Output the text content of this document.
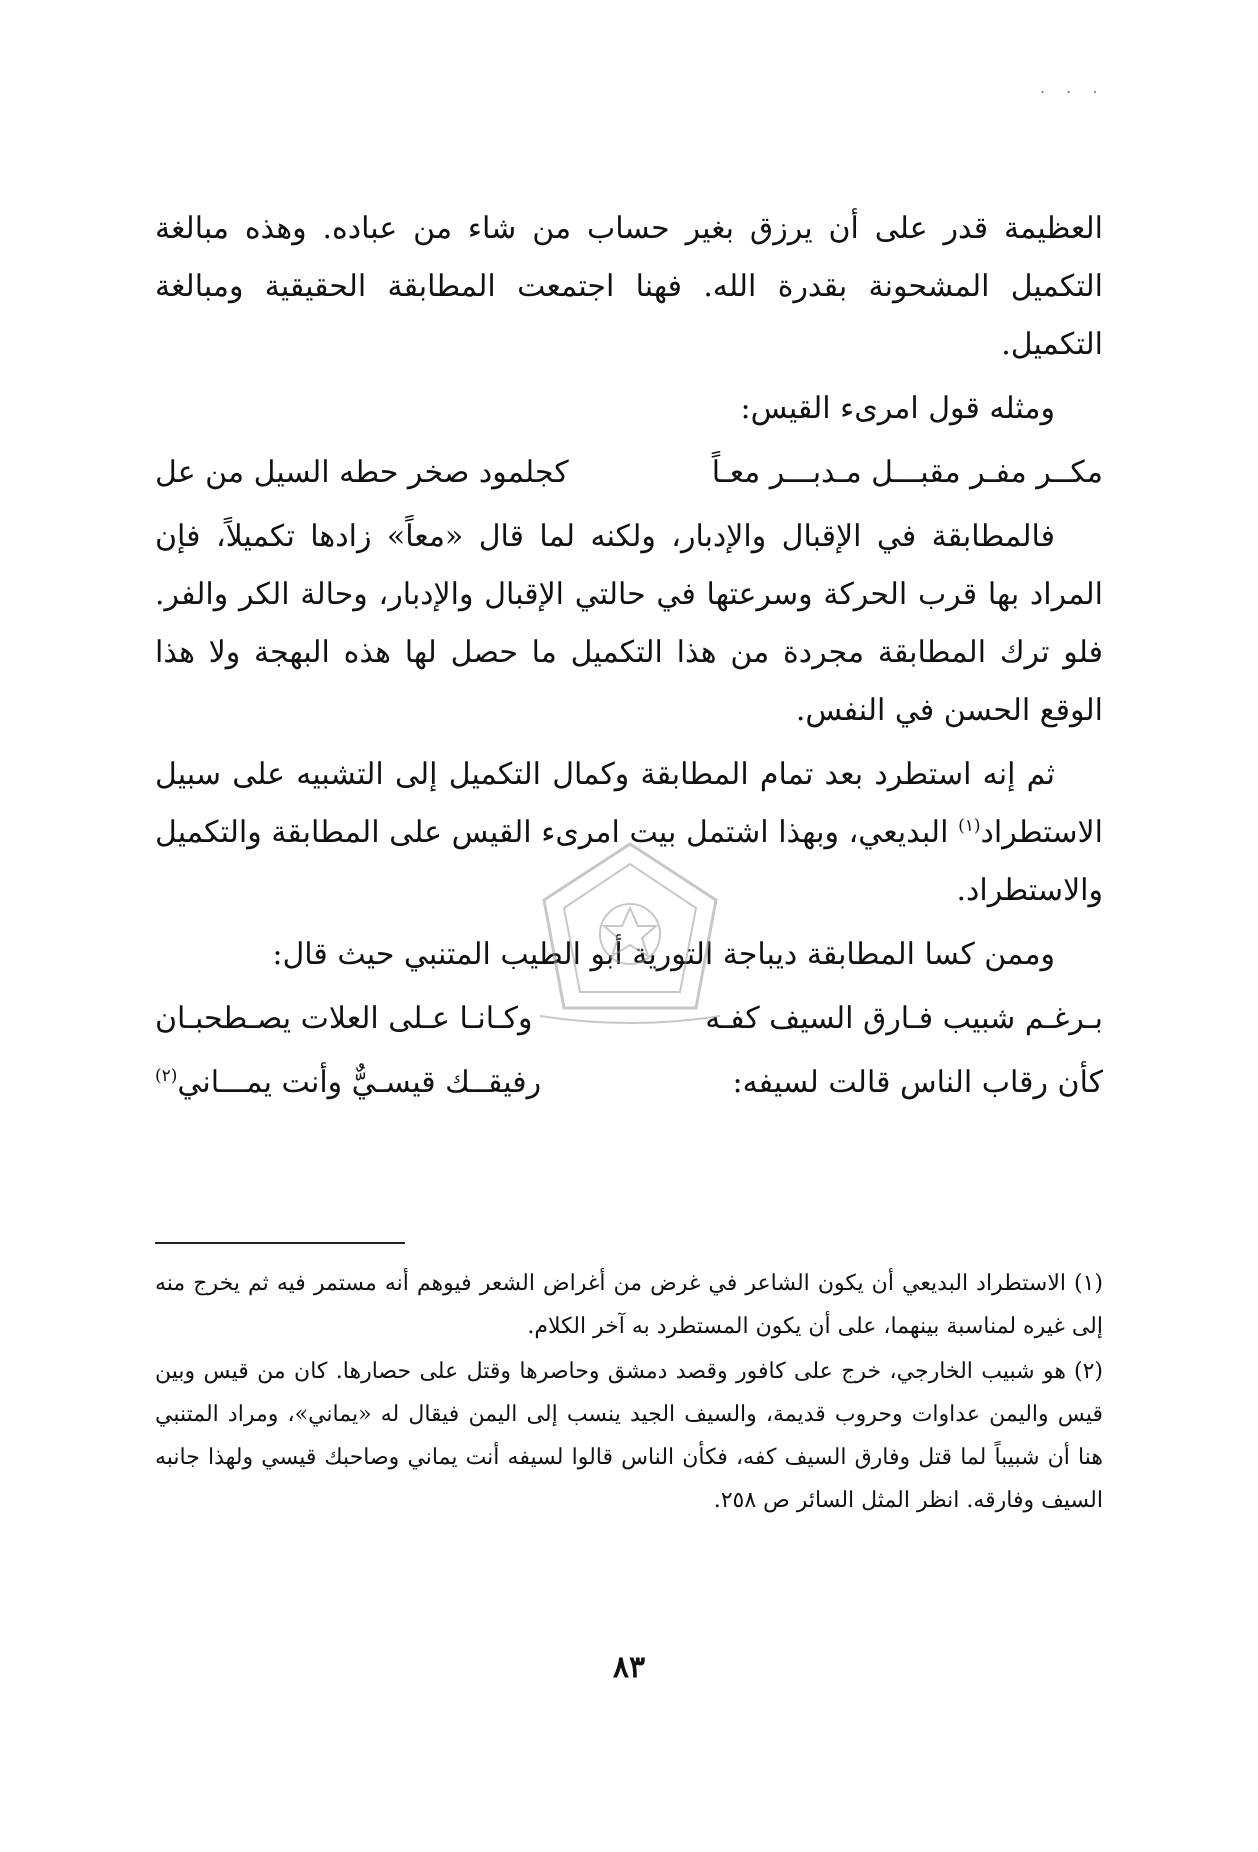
. . .

العظيمة قدر على أن يرزق بغير حساب من شاء من عباده. وهذه مبالغة التكميل المشحونة بقدرة الله. فهنا اجتمعت المطابقة الحقيقية ومبالغة التكميل.

ومثله قول امرىء القيس:

مكــر مفـر مقبـــل مـدبـــر معـاً
كجلمود صخر حطه السيل من عل

فالمطابقة في الإقبال والإدبار، ولكنه لما قال «معاً» زادها تكميلاً، فإن المراد بها قرب الحركة وسرعتها في حالتي الإقبال والإدبار، وحالة الكر والفر. فلو ترك المطابقة مجردة من هذا التكميل ما حصل لها هذه البهجة ولا هذا الوقع الحسن في النفس.

ثم إنه استطرد بعد تمام المطابقة وكمال التكميل إلى التشبيه على سبيل الاستطراد$^{(١)}$ البديعي، وبهذا اشتمل بيت امرىء القيس على المطابقة والتكميل والاستطراد.

وممن كسا المطابقة ديباجة التورية أبو الطيب المتنبي حيث قال:

بـرغـم شبيب فـارق السيف كفـه
وكـانـا عـلى العلات يصـطحبـان
كأن رقاب الناس قالت لسيفه:
رفيقــك قيسـيٌّ وأنت يمـــاني$^{(٢)}$

(١)الاستطراد البديعي أن يكون الشاعر في غرض من أغراض الشعر فيوهم أنه مستمر فيه ثم يخرج منه إلى غيره لمناسبة بينهما، على أن يكون المستطرد به آخر الكلام.

(٢)هو شبيب الخارجي، خرج على كافور وقصد دمشق وحاصرها وقتل على حصارها. كان من قيس وبين قيس واليمن عداوات وحروب قديمة، والسيف الجيد ينسب إلى اليمن فيقال له «يماني»، ومراد المتنبي هنا أن شبيباً لما قتل وفارق السيف كفه، فكأن الناس قالوا لسيفه أنت يماني وصاحبك قيسي ولهذا جانبه السيف وفارقه. انظر المثل السائر ص ٢٥٨.

٨٣
